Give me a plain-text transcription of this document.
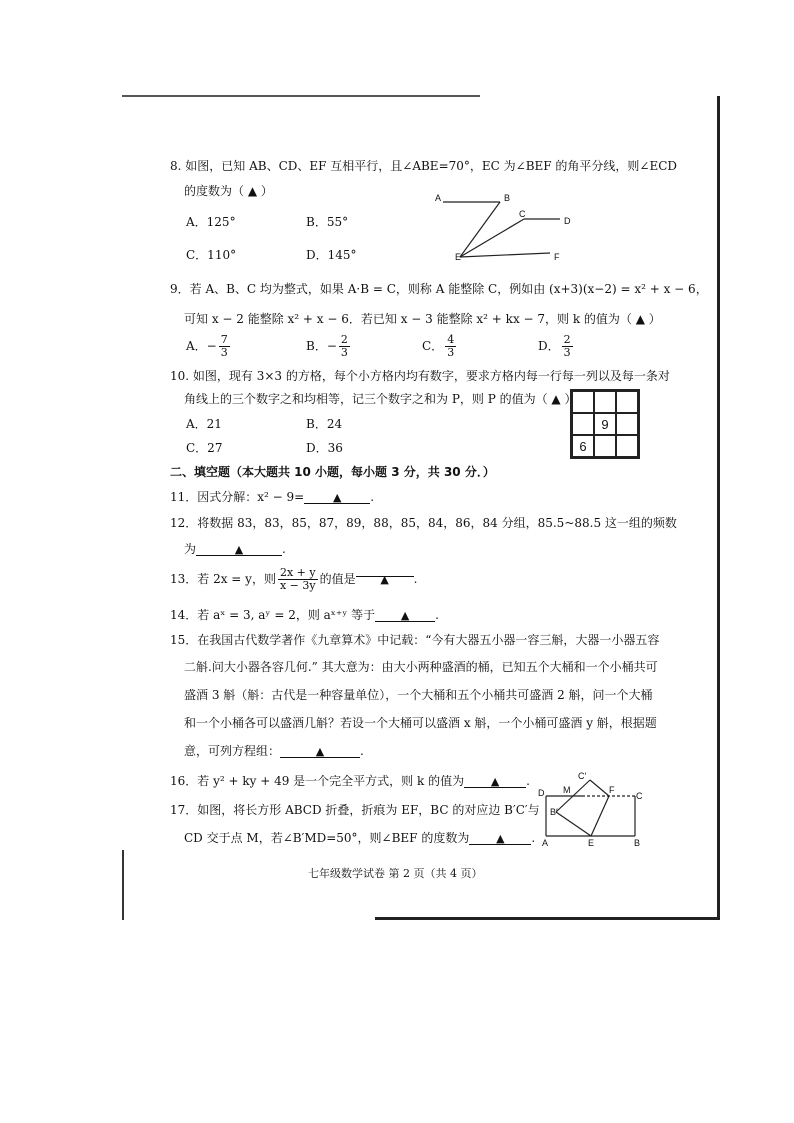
8. 如图，已知 AB、CD、EF 互相平行，且∠ABE=70°，EC 为∠BEF 的角平分线，则∠ECD
的度数为（ ▲ ）
A．125°	B．55°
C．110°	D．145°
A	B
C
D
E	F
9．若 A、B、C 均为整式，如果 A·B = C，则称 A 能整除 C，例如由 (x+3)(x−2) = x² + x − 6，
可知 x − 2 能整除 x² + x − 6．若已知 x − 3 能整除 x² + kx − 7，则 k 的值为（ ▲ ）
A．− $\frac{7}{3}$	B．− $\frac{2}{3}$	C． $\frac{4}{3}$	D． $\frac{2}{3}$
10. 如图，现有 3×3 的方格，每个小方格内均有数字，要求方格内每一行每一列以及每一条对
角线上的三个数字之和均相等，记三个数字之和为 P，则 P 的值为（ ▲ ）
A．21	B．24
C．27	D．36
9
6
二、填空题（本大题共 10 小题，每小题 3 分，共 30 分．）
11．因式分解：x² − 9=	▲ .
12．将数据 83，83，85，87，89，88，85，84，86，84 分组，85.5~88.5 这一组的频数
为	▲	.
13．若 2x = y，则 $\frac{2x + y}{x - 3y}$ 的值是 ▲ .
14．若 aˣ = 3, aʸ = 2，则 aˣ⁺ʸ 等于 ▲ .
15．在我国古代数学著作《九章算术》中记载：“今有大器五小器一容三斛，大器一小器五容
二斛.问大小器各容几何.” 其大意为：由大小两种盛酒的桶，已知五个大桶和一个小桶共可
盛酒 3 斛（斛：古代是一种容量单位），一个大桶和五个小桶共可盛酒 2 斛，问一个大桶
和一个小桶各可以盛酒几斛？若设一个大桶可以盛酒 x 斛，一个小桶可盛酒 y 斛，根据题
意，可列方程组：	▲	.
16．若 y² + ky + 49 是一个完全平方式，则 k 的值为 ▲ .
17．如图，将长方形 ABCD 折叠，折痕为 EF，BC 的对应边 B′C′与
CD 交于点 M，若∠B′MD=50°，则∠BEF 的度数为 ▲ .
D M
C′
F
C
B′
A	E	B
七年级数学试卷 第 2 页（共 4 页）
